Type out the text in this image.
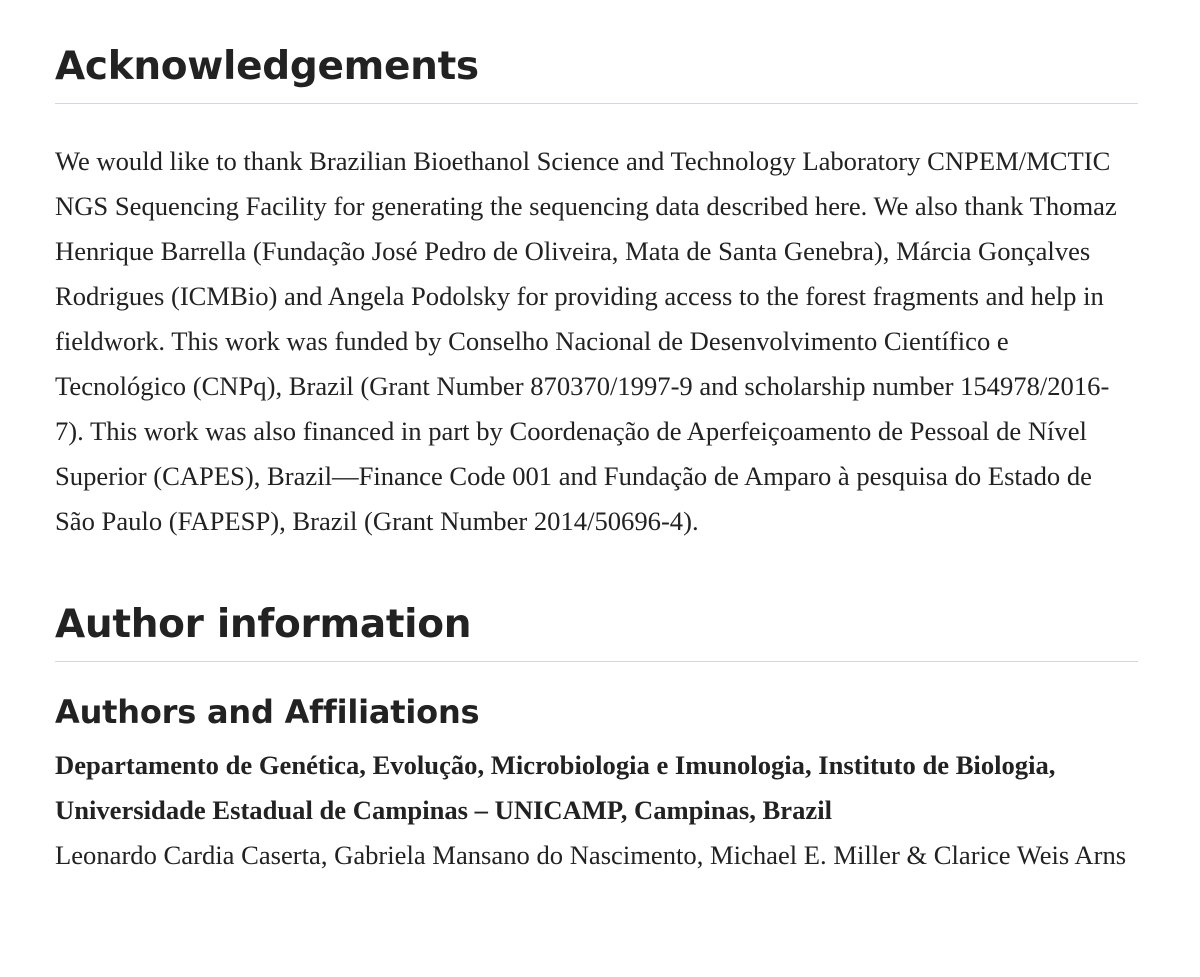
Acknowledgements

We would like to thank Brazilian Bioethanol Science and Technology Laboratory CNPEM/MCTIC NGS Sequencing Facility for generating the sequencing data described here. We also thank Thomaz Henrique Barrella (Fundação José Pedro de Oliveira, Mata de Santa Genebra), Márcia Gonçalves Rodrigues (ICMBio) and Angela Podolsky for providing access to the forest fragments and help in fieldwork. This work was funded by Conselho Nacional de Desenvolvimento Científico e Tecnológico (CNPq), Brazil (Grant Number 870370/1997-9 and scholarship number 154978/2016-7). This work was also financed in part by Coordenação de Aperfeiçoamento de Pessoal de Nível Superior (CAPES), Brazil—Finance Code 001 and Fundação de Amparo à pesquisa do Estado de São Paulo (FAPESP), Brazil (Grant Number 2014/50696-4).

Author information
Authors and Affiliations

Departamento de Genética, Evolução, Microbiologia e Imunologia, Instituto de Biologia, Universidade Estadual de Campinas – UNICAMP, Campinas, Brazil

Leonardo Cardia Caserta, Gabriela Mansano do Nascimento, Michael E. Miller & Clarice Weis Arns
